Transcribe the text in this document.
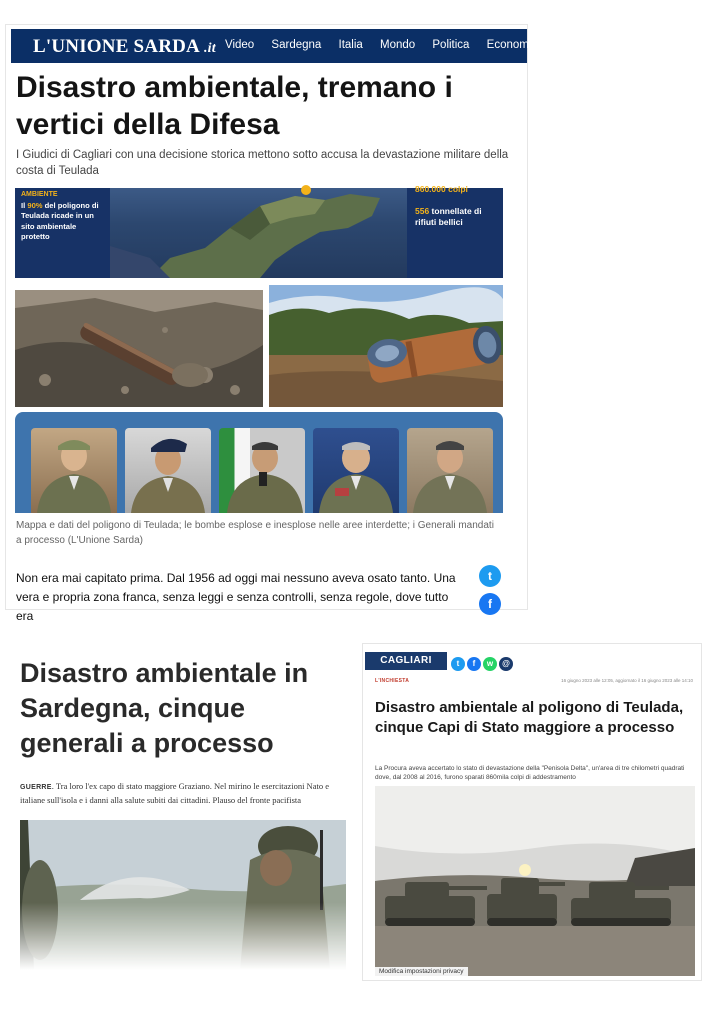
L'UNIONE SARDA .it Video Sardegna Italia Mondo Politica Economia Sp
Disastro ambientale, tremano i vertici della Difesa

I Giudici di Cagliari con una decisione storica mettono sotto accusa la devastazione militare della costa di Teulada

AMBIENTE
Il 90% del poligono di Teulada ricade in un sito ambientale protetto
860.000 colpi
556 tonnellate di rifiuti bellici

Mappa e dati del poligono di Teulada; le bombe esplose e inesplose nelle aree interdette; i Generali mandati a processo (L'Unione Sarda)

Non era mai capitato prima. Dal 1956 ad oggi mai nessuno aveva osato tanto. Una vera e propria zona franca, senza leggi e senza controlli, senza regole, dove tutto era

t
f
Disastro ambientale in Sardegna, cinque generali a processo

GUERRE. Tra loro l'ex capo di stato maggiore Graziano. Nel mirino le esercitazioni Nato e italiane sull'isola e i danni alla salute subiti dai cittadini. Plauso del fronte pacifista

CAGLIARI	t f w @
L'INCHIESTA	16 giugno 2023 alle 12:05, aggiornato il 16 giugno 2023 alle 14:10
Disastro ambientale al poligono di Teulada, cinque Capi di Stato maggiore a processo

La Procura aveva accertato lo stato di devastazione della "Penisola Delta", un'area di tre chilometri quadrati dove, dal 2008 al 2016, furono sparati 860mila colpi di addestramento

Modifica impostazioni privacy
